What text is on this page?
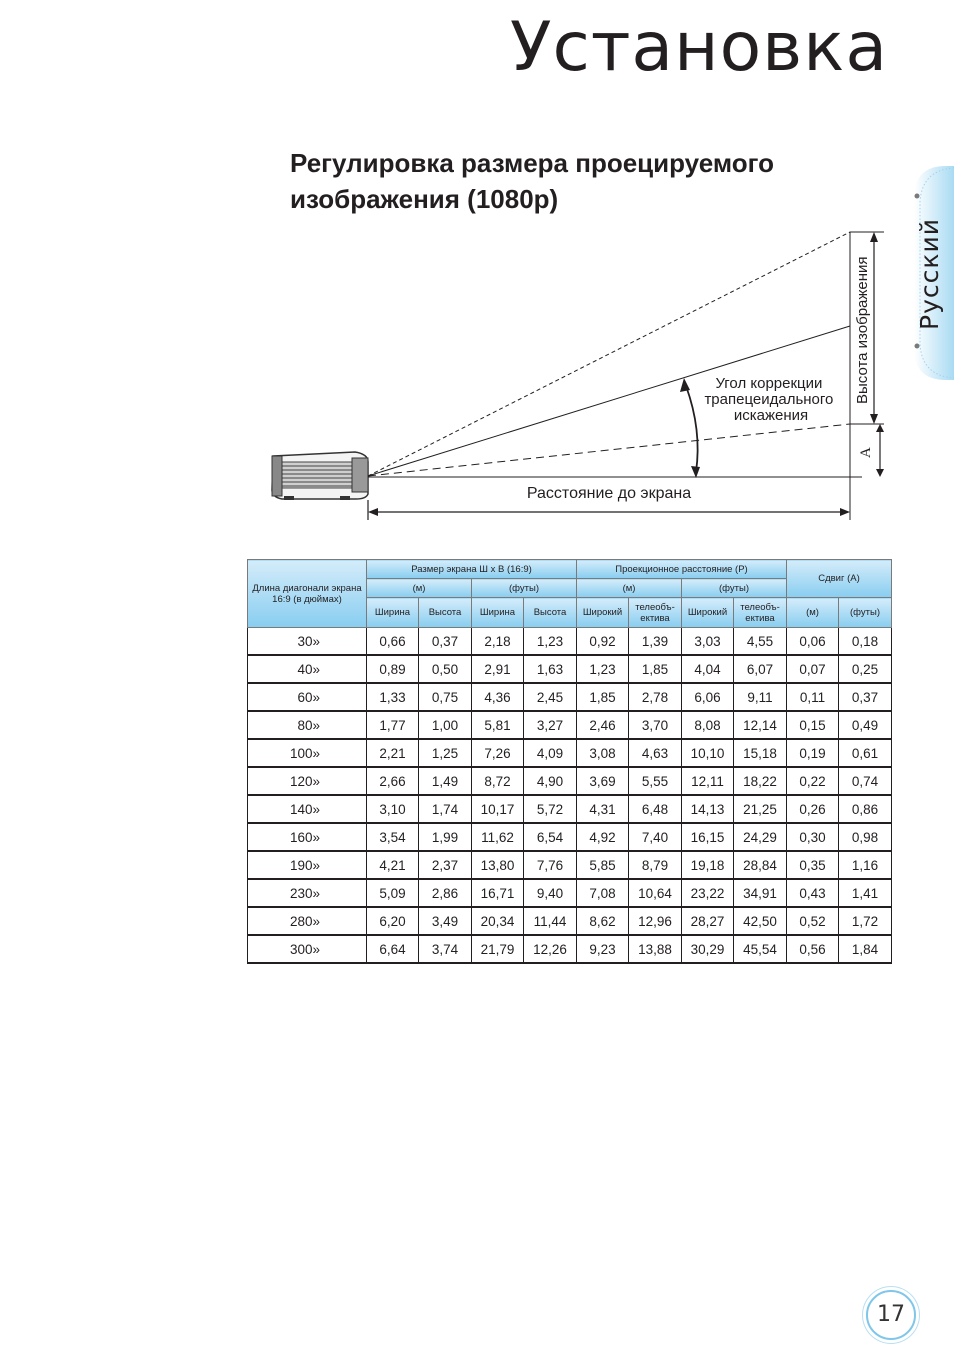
Установка
Регулировка размера проецируемого изображения (1080p)
Русский
Высота изображения
A
Угол коррекции трапецеидального искажения
Расстояние до экрана
Длина диагонали экрана 16:9 (в дюймах)	Размер экрана Ш x В (16:9)				Проекционное расстояние (P)				Сдвиг (A)	
	(м)		(футы)		(м)		(футы)			
	Ширина	Высота	Ширина	Высота	Широкий	телеобъ-ектива	Широкий	телеобъ-ектива	(м)	(футы)
30»	0,66	0,37	2,18	1,23	0,92	1,39	3,03	4,55	0,06	0,18
40»	0,89	0,50	2,91	1,63	1,23	1,85	4,04	6,07	0,07	0,25
60»	1,33	0,75	4,36	2,45	1,85	2,78	6,06	9,11	0,11	0,37
80»	1,77	1,00	5,81	3,27	2,46	3,70	8,08	12,14	0,15	0,49
100»	2,21	1,25	7,26	4,09	3,08	4,63	10,10	15,18	0,19	0,61
120»	2,66	1,49	8,72	4,90	3,69	5,55	12,11	18,22	0,22	0,74
140»	3,10	1,74	10,17	5,72	4,31	6,48	14,13	21,25	0,26	0,86
160»	3,54	1,99	11,62	6,54	4,92	7,40	16,15	24,29	0,30	0,98
190»	4,21	2,37	13,80	7,76	5,85	8,79	19,18	28,84	0,35	1,16
230»	5,09	2,86	16,71	9,40	7,08	10,64	23,22	34,91	0,43	1,41
280»	6,20	3,49	20,34	11,44	8,62	12,96	28,27	42,50	0,52	1,72
300»	6,64	3,74	21,79	12,26	9,23	13,88	30,29	45,54	0,56	1,84
17
